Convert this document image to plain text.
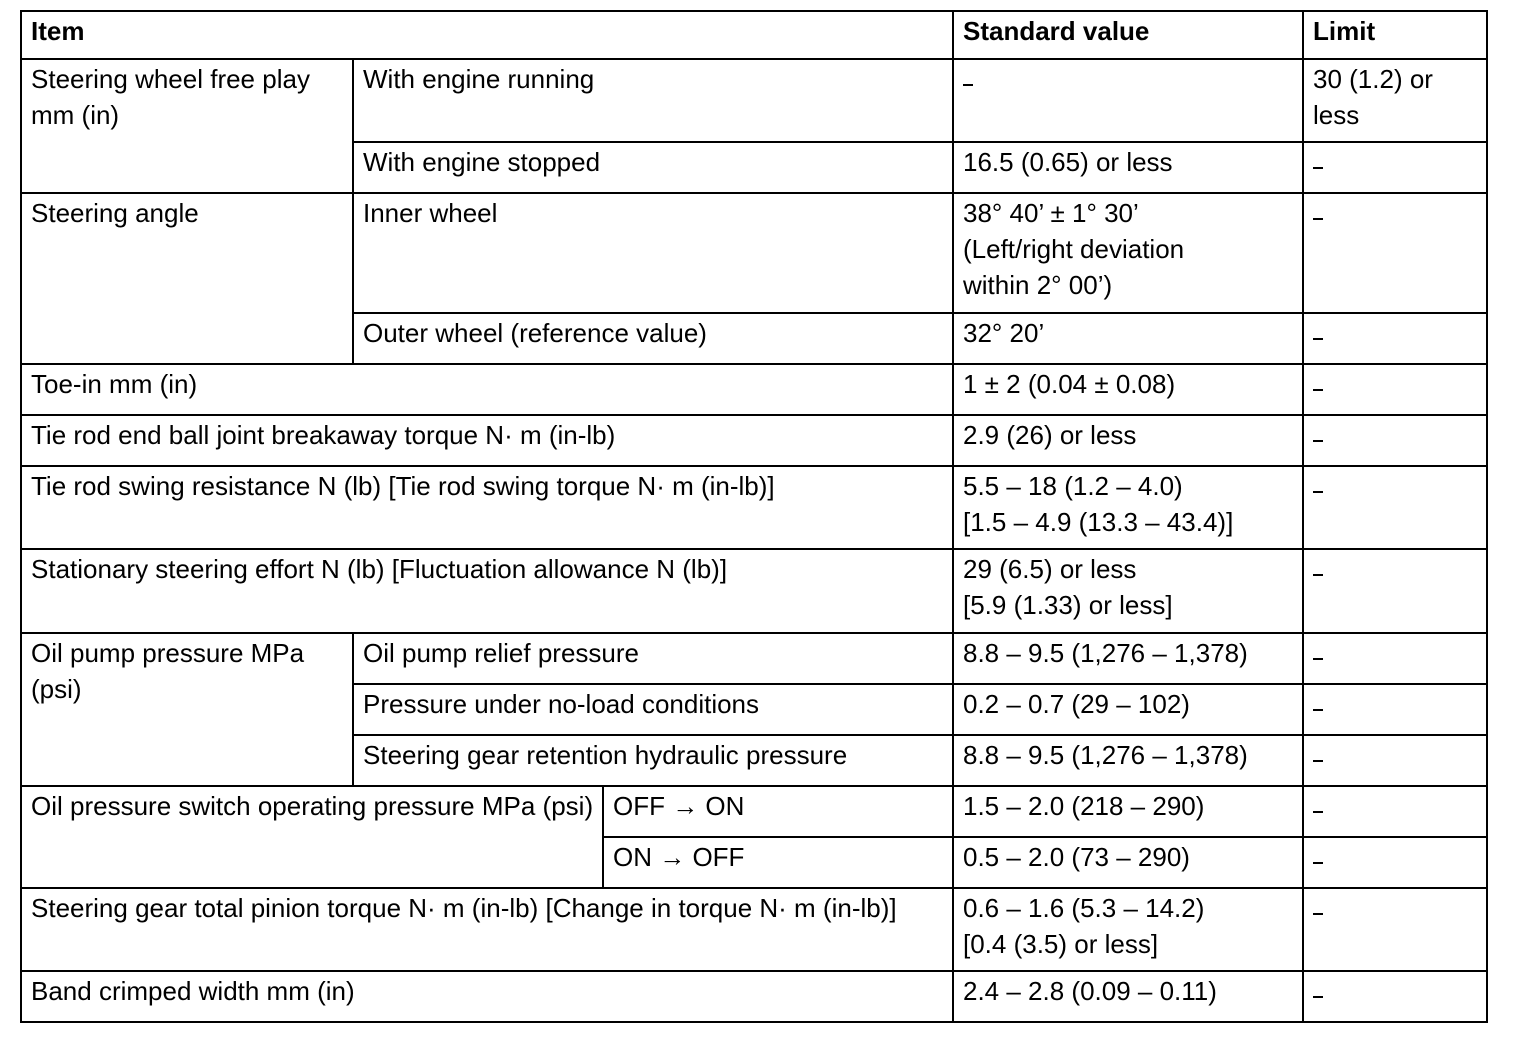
Item			Standard value	Limit
Steering wheel free play mm (in)	With engine running			30 (1.2) or less
	With engine stopped		16.5 (0.65) or less	
Steering angle	Inner wheel		38° 40’ ± 1° 30’
(Left/right deviation
within 2° 00’)	

	Outer wheel (reference value)		32° 20’	
Toe-in mm (in)			1 ± 2 (0.04 ± 0.08)	
Tie rod end ball joint breakaway torque N· m (in-lb)			2.9 (26) or less	
Tie rod swing resistance N (lb) [Tie rod swing torque N· m (in-lb)]			5.5 – 18 (1.2 – 4.0)
[1.5 – 4.9 (13.3 – 43.4)]	

Stationary steering effort N (lb) [Fluctuation allowance N (lb)]			29 (6.5) or less
[5.9 (1.33) or less]	

Oil pump pressure MPa (psi)	Oil pump relief pressure		8.8 – 9.5 (1,276 – 1,378)	
	Pressure under no-load conditions		0.2 – 0.7 (29 – 102)	
	Steering gear retention hydraulic pressure		8.8 – 9.5 (1,276 – 1,378)	
Oil pressure switch operating pressure MPa (psi)		OFF → ON	1.5 – 2.0 (218 – 290)	
		ON → OFF	0.5 – 2.0 (73 – 290)	
Steering gear total pinion torque N· m (in-lb) [Change in torque N· m (in-lb)]			0.6 – 1.6 (5.3 – 14.2)
[0.4 (3.5) or less]	

Band crimped width mm (in)			2.4 – 2.8 (0.09 – 0.11)	
